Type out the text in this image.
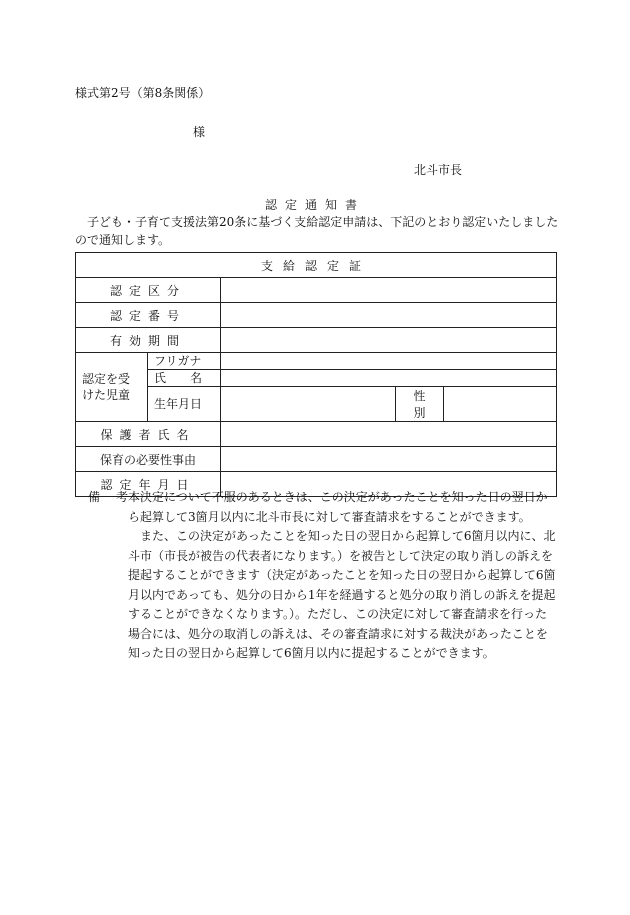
様式第2号（第8条関係）
様
北斗市長
認定通知書
子ども・子育て支援法第20条に基づく支給認定申請は、下記のとおり認定いたしましたので通知します。
支給認定証				
認定区分				
認定番号				
有効期間				
認定を受けた児童	フリガナ			
	氏　　名			
	生年月日		性　別	
保護者氏名				
保育の必要性事由				
認定年月日				
備　考

本決定について不服のあるときは、この決定があったことを知った日の翌日から起算して3箇月以内に北斗市長に対して審査請求をすることができます。

また、この決定があったことを知った日の翌日から起算して6箇月以内に、北斗市（市長が被告の代表者になります。）を被告として決定の取り消しの訴えを提起することができます（決定があったことを知った日の翌日から起算して6箇月以内であっても、処分の日から1年を経過すると処分の取り消しの訴えを提起することができなくなります。）。ただし、この決定に対して審査請求を行った場合には、処分の取消しの訴えは、その審査請求に対する裁決があったことを知った日の翌日から起算して6箇月以内に提起することができます。
